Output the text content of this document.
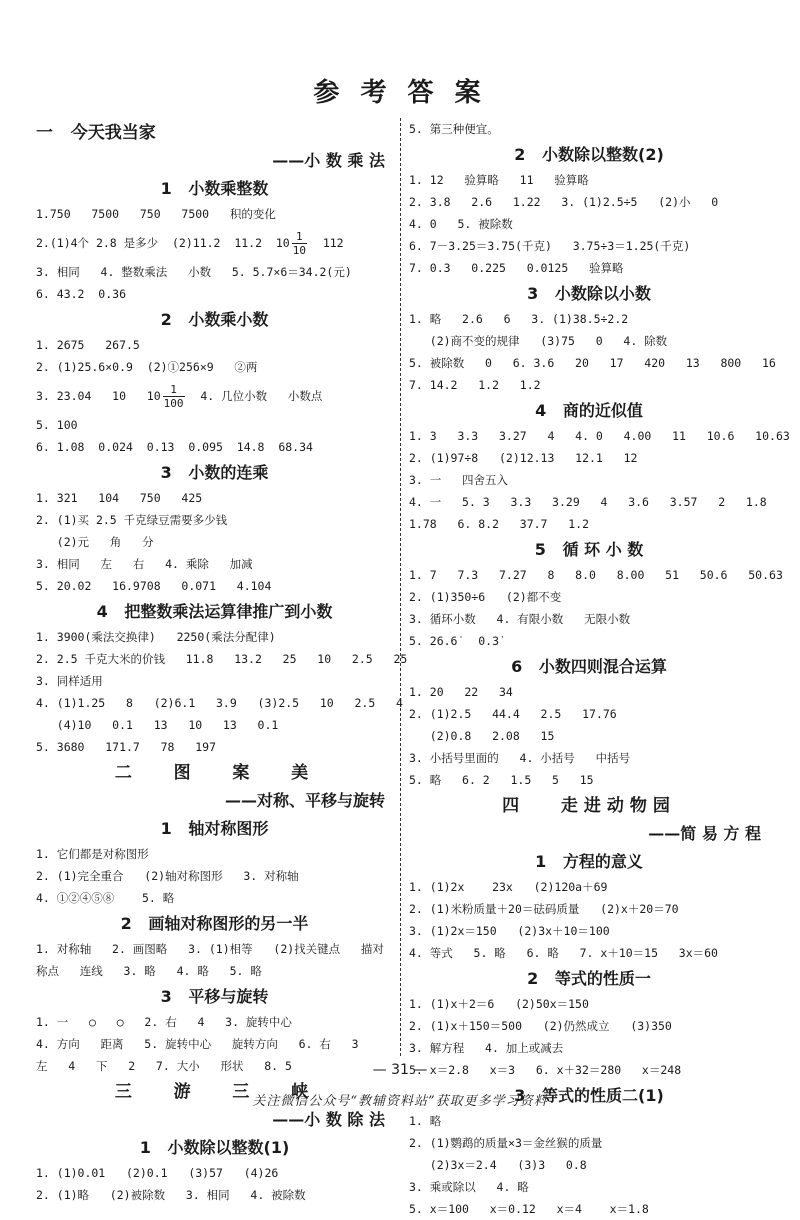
参 考 答 案
一   今天我当家
——小 数 乘 法
1   小数乘整数
1.750   7500   750   7500   积的变化
2.(1)4个 2.8 是多少  (2)11.2  11.2  $10 \frac{1}{10} 112$
3. 相同   4. 整数乘法   小数   5. 5.7×6＝34.2(元)
6. 43.2  0.36
2   小数乘小数
1. 2675   267.5
2. (1)25.6×0.9  (2)①256×9   ②两
3. 23.04   10   $10 \frac{1}{100} 4$. 几位小数   小数点
5. 100
6. 1.08  0.024  0.13  0.095  14.8  68.34
3   小数的连乘
1. 321   104   750   425
2. (1)买 2.5 千克绿豆需要多少钱
(2)元   角   分
3. 相同   左   右   4. 乘除   加减
5. 20.02   16.9708   0.071   4.104
4   把整数乘法运算律推广到小数
1. 3900(乘法交换律)   2250(乘法分配律)
2. 2.5 千克大米的价钱   11.8   13.2   25   10   2.5   25
3. 同样适用
4. (1)1.25   8   (2)6.1   3.9   (3)2.5   10   2.5   4
(4)10   0.1   13   10   13   0.1
5. 3680   171.7   78   197
二   图   案   美
——对称、平移与旋转
1   轴对称图形
1. 它们都是对称图形
2. (1)完全重合   (2)轴对称图形   3. 对称轴
4. ①②④⑤⑧    5. 略
2   画轴对称图形的另一半
1. 对称轴   2. 画图略   3. (1)相等   (2)找关键点   描对
称点   连线   3. 略   4. 略   5. 略
3   平移与旋转
1. 一   ○   ○   2. 右   4   3. 旋转中心
4. 方向   距离   5. 旋转中心   旋转方向   6. 右   3
左   4   下   2   7. 大小   形状   8. 5
三   游   三   峡
——小 数 除 法
1   小数除以整数(1)
1. (1)0.01   (2)0.1   (3)57   (4)26
2. (1)略   (2)被除数   3. 相同   4. 被除数
5. 第三种便宜。
2   小数除以整数(2)
1. 12   验算略   11   验算略
2. 3.8   2.6   1.22   3. (1)2.5÷5   (2)小   0
4. 0   5. 被除数
6. 7－3.25＝3.75(千克)   3.75÷3＝1.25(千克)
7. 0.3   0.225   0.0125   验算略
3   小数除以小数
1. 略   2.6   6   3. (1)38.5÷2.2
(2)商不变的规律   (3)75   0   4. 除数
5. 被除数   0   6. 3.6   20   17   420   13   800   16
7. 14.2   1.2   1.2
4   商的近似值
1. 3   3.3   3.27   4   4. 0   4.00   11   10.6   10.63
2. (1)97÷8   (2)12.13   12.1   12
3. 一   四舍五入
4. 一   5. 3   3.3   3.29   4   3.6   3.57   2   1.8
1.78   6. 8.2   37.7   1.2
5   循 环 小 数
1. 7   7.3   7.27   8   8.0   8.00   51   50.6   50.63
2. (1)350÷6   (2)都不变
3. 循环小数   4. 有限小数   无限小数
5. 26.6̇   0.3̇
6   小数四则混合运算
1. 20   22   34
2. (1)2.5   44.4   2.5   17.76
(2)0.8   2.08   15
3. 小括号里面的   4. 小括号   中括号
5. 略   6. 2   1.5   5   15
四   走进动物园
——简 易 方 程
1   方程的意义
1. (1)2x    23x   (2)120a＋69
2. (1)米粉质量＋20＝砝码质量   (2)x＋20＝70
3. (1)2x＝150   (2)3x＋10＝100
4. 等式   5. 略   6. 略   7. x＋10＝15   3x＝60
2   等式的性质一
1. (1)x＋2＝6   (2)50x＝150
2. (1)x＋150＝500   (2)仍然成立   (3)350
3. 解方程   4. 加上或减去
5. x＝2.8   x＝3   6. x＋32＝280   x＝248
3   等式的性质二(1)
1. 略
2. (1)鹦鹉的质量×3＝金丝猴的质量
(2)3x＝2.4   (3)3   0.8
3. 乘或除以   4. 略
5. x＝100   x＝0.12   x＝4    x＝1.8
— 31 —
关注微信公众号“教辅资料站”获取更多学习资料
